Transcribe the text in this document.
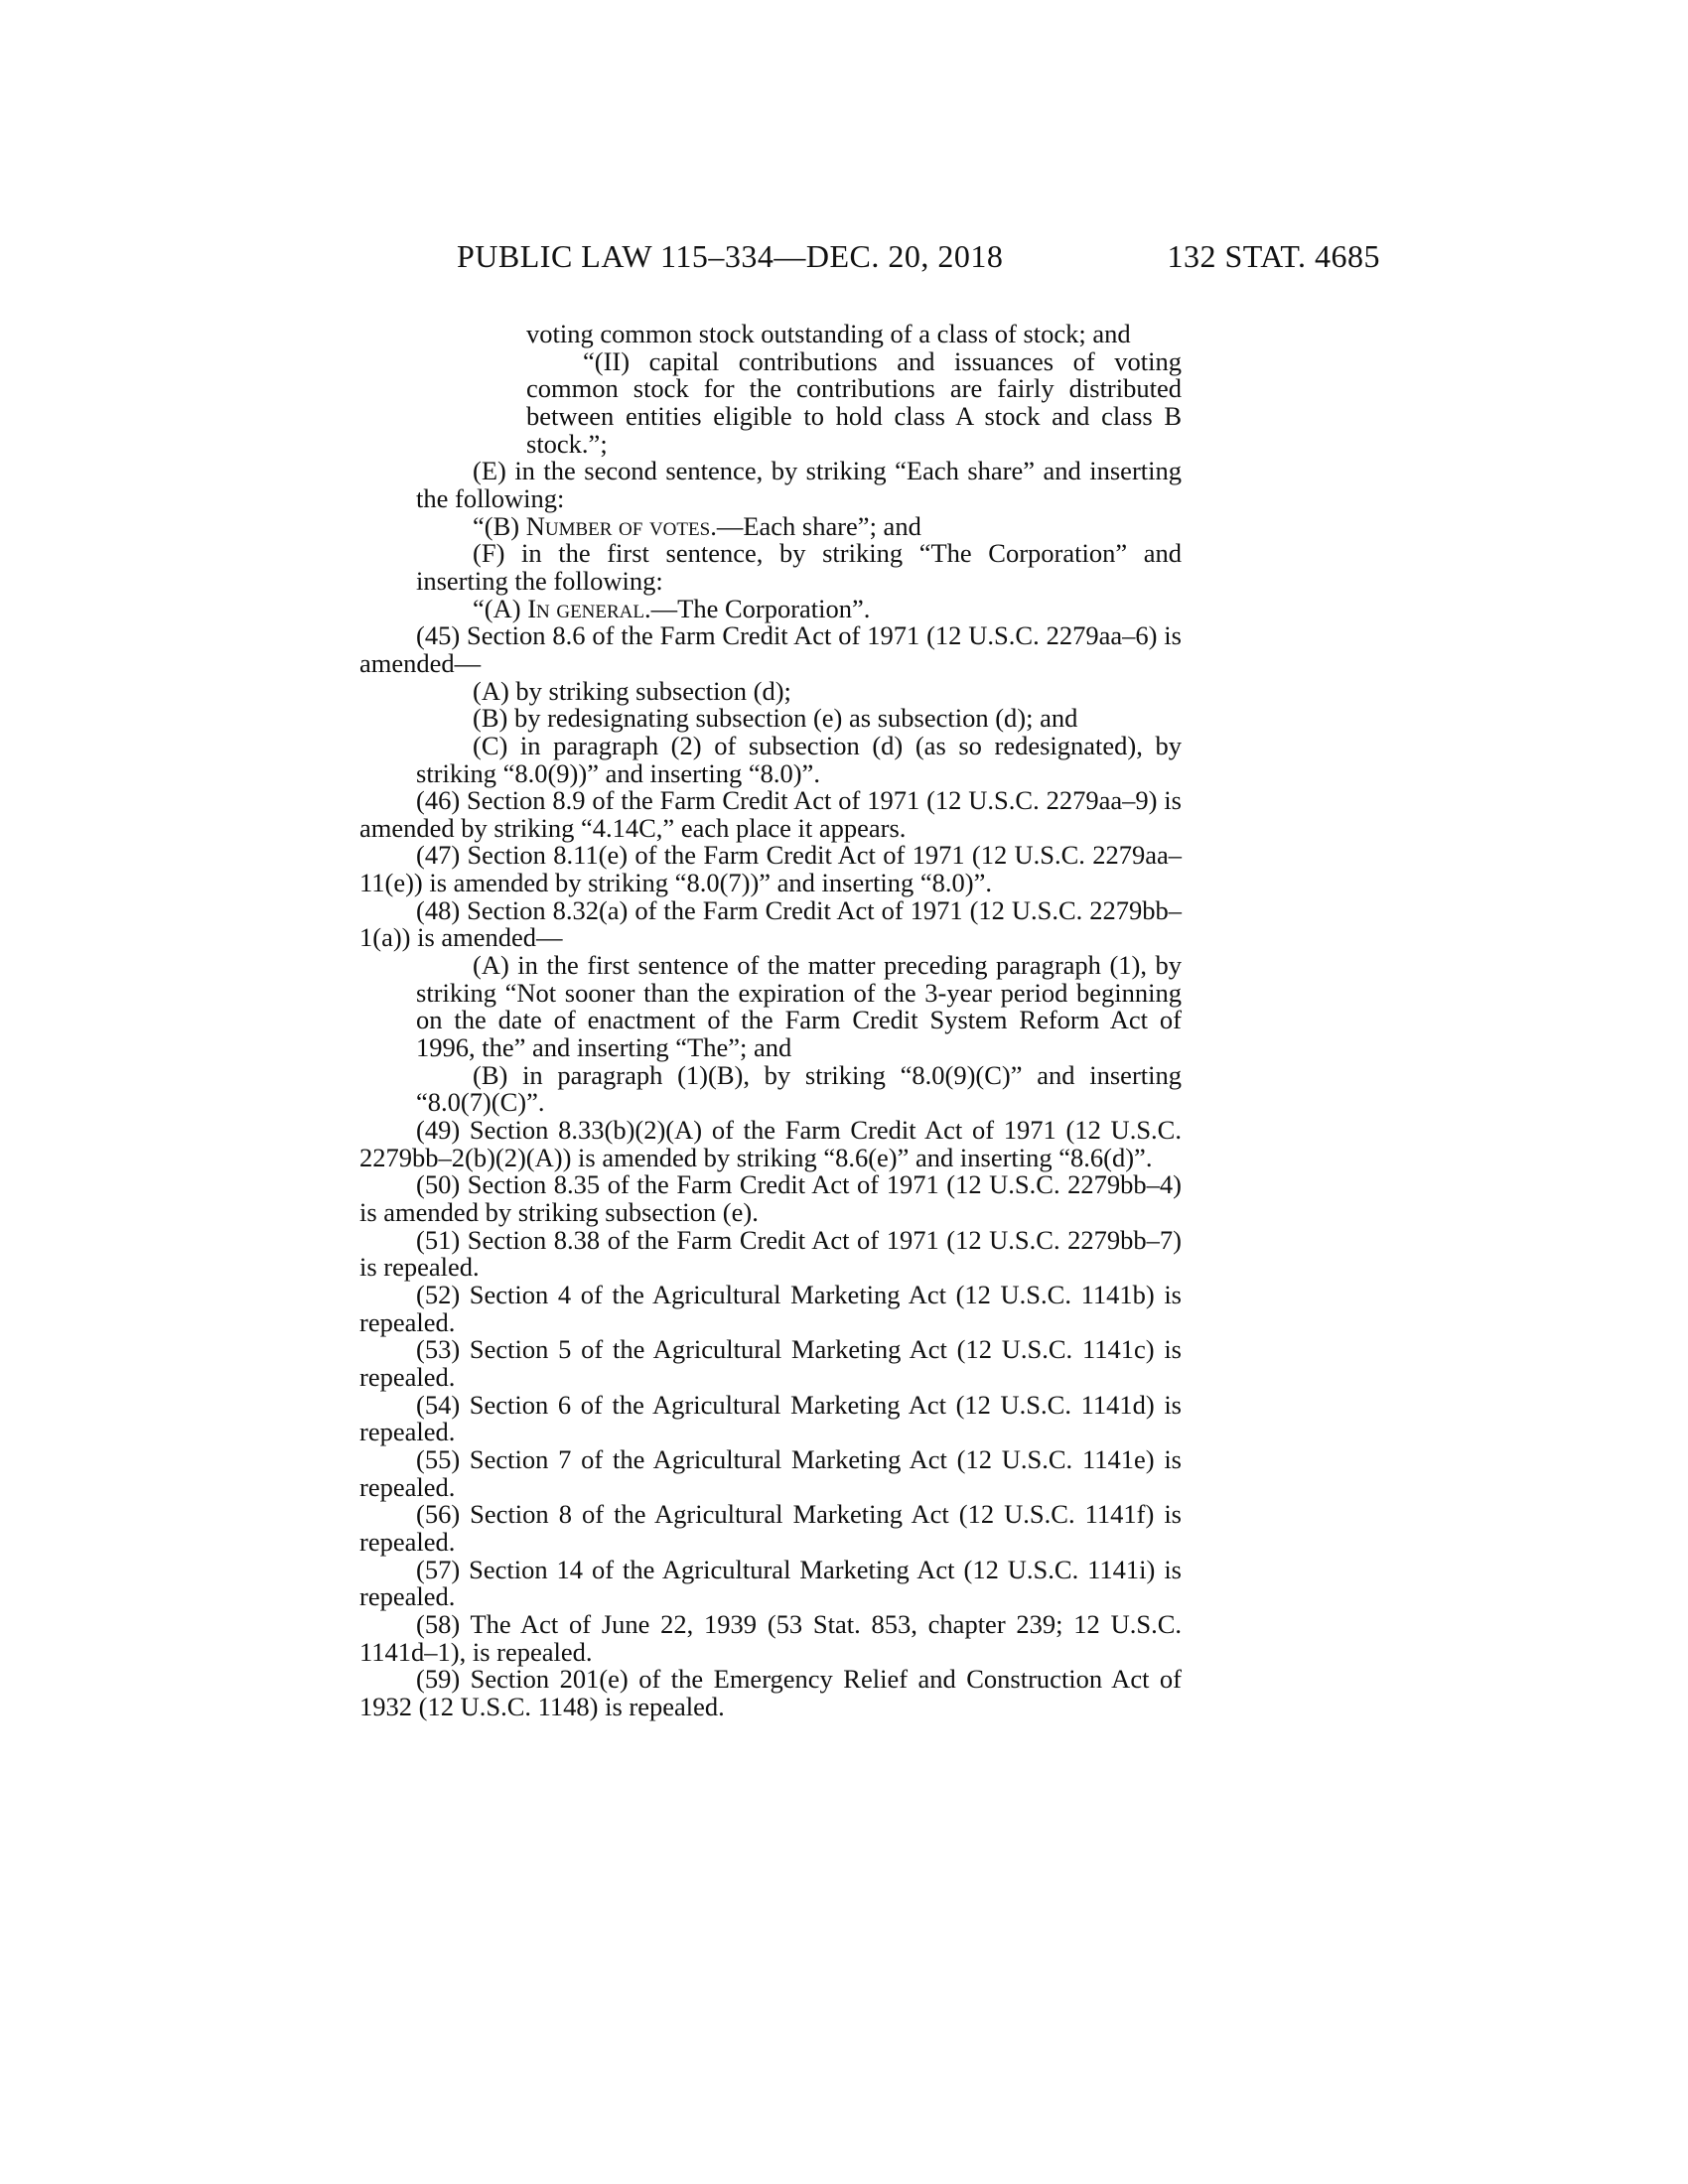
PUBLIC LAW 115–334—DEC. 20, 2018	132 STAT. 4685

voting common stock outstanding of a class of stock; and

“(II) capital contributions and issuances of voting common stock for the contributions are fairly distributed between entities eligible to hold class A stock and class B stock.”;

(E) in the second sentence, by striking “Each share” and inserting the following:

“(B) Number of votes.—Each share”; and

(F) in the first sentence, by striking “The Corporation” and inserting the following:

“(A) In general.—The Corporation”.

(45) Section 8.6 of the Farm Credit Act of 1971 (12 U.S.C. 2279aa–6) is amended—

(A) by striking subsection (d);

(B) by redesignating subsection (e) as subsection (d); and

(C) in paragraph (2) of subsection (d) (as so redesignated), by striking “8.0(9))” and inserting “8.0)”.

(46) Section 8.9 of the Farm Credit Act of 1971 (12 U.S.C. 2279aa–9) is amended by striking “4.14C,” each place it appears.

(47) Section 8.11(e) of the Farm Credit Act of 1971 (12 U.S.C. 2279aa–11(e)) is amended by striking “8.0(7))” and inserting “8.0)”.

(48) Section 8.32(a) of the Farm Credit Act of 1971 (12 U.S.C. 2279bb–1(a)) is amended—

(A) in the first sentence of the matter preceding paragraph (1), by striking “Not sooner than the expiration of the 3-year period beginning on the date of enactment of the Farm Credit System Reform Act of 1996, the” and inserting “The”; and

(B) in paragraph (1)(B), by striking “8.0(9)(C)” and inserting “8.0(7)(C)”.

(49) Section 8.33(b)(2)(A) of the Farm Credit Act of 1971 (12 U.S.C. 2279bb–2(b)(2)(A)) is amended by striking “8.6(e)” and inserting “8.6(d)”.

(50) Section 8.35 of the Farm Credit Act of 1971 (12 U.S.C. 2279bb–4) is amended by striking subsection (e).

(51) Section 8.38 of the Farm Credit Act of 1971 (12 U.S.C. 2279bb–7) is repealed.

(52) Section 4 of the Agricultural Marketing Act (12 U.S.C. 1141b) is repealed.

(53) Section 5 of the Agricultural Marketing Act (12 U.S.C. 1141c) is repealed.

(54) Section 6 of the Agricultural Marketing Act (12 U.S.C. 1141d) is repealed.

(55) Section 7 of the Agricultural Marketing Act (12 U.S.C. 1141e) is repealed.

(56) Section 8 of the Agricultural Marketing Act (12 U.S.C. 1141f) is repealed.

(57) Section 14 of the Agricultural Marketing Act (12 U.S.C. 1141i) is repealed.

(58) The Act of June 22, 1939 (53 Stat. 853, chapter 239; 12 U.S.C. 1141d–1), is repealed.

(59) Section 201(e) of the Emergency Relief and Construction Act of 1932 (12 U.S.C. 1148) is repealed.
